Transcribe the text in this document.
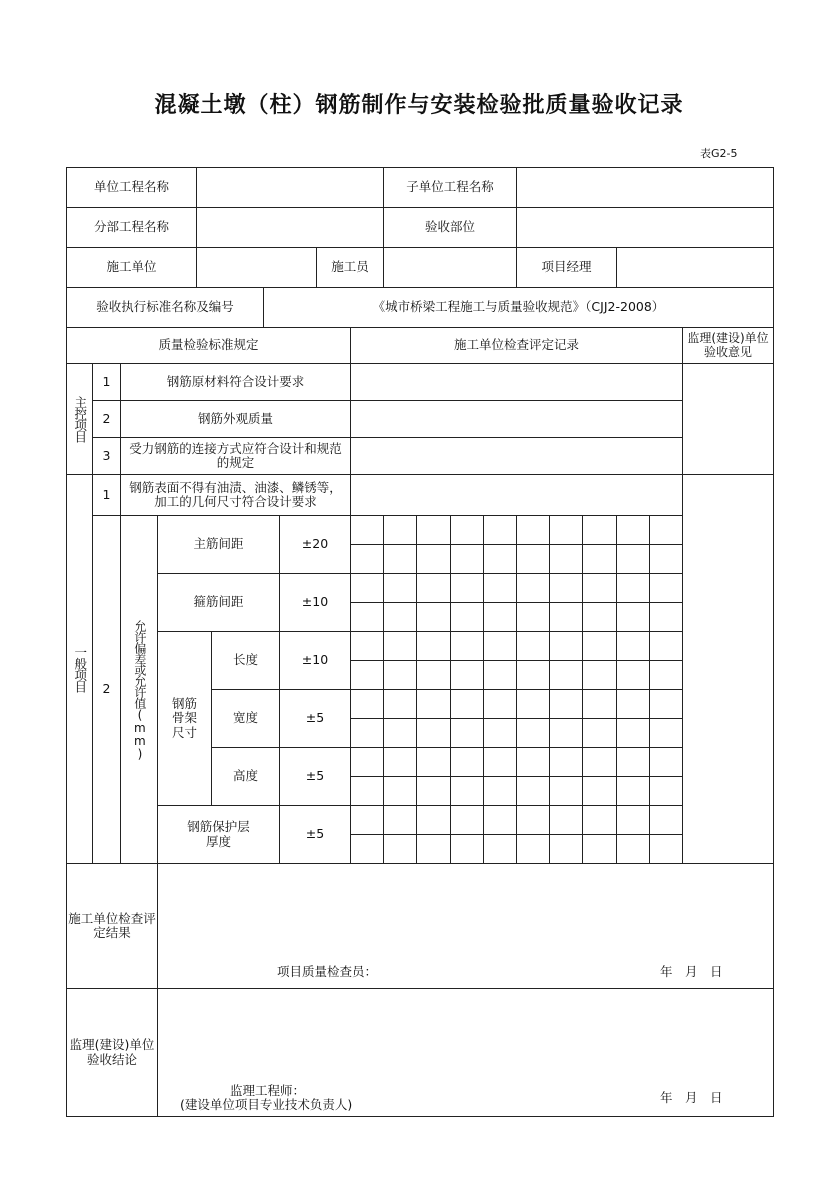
混凝土墩（柱）钢筋制作与安装检验批质量验收记录
表G2-5
单位工程名称	子单位工程名称
分部工程名称	验收部位
施工单位	施工员	项目经理
验收执行标准名称及编号	《城市桥梁工程施工与质量验收规范》（CJJ2-2008）
质量检验标准规定	施工单位检查评定记录	监理(建设)单位验收意见
主控项目
1	钢筋原材料符合设计要求
2	钢筋外观质量
3	受力钢筋的连接方式应符合设计和规范的规定
一般项目
1	钢筋表面不得有油渍、油漆、鳞锈等，加工的几何尺寸符合设计要求
2	允许偏差或允许值(mm)
主筋间距	±20
箍筋间距	±10
钢筋骨架尺寸
长度	±10
宽度	±5
高度	±5
钢筋保护层厚度	±5
施工单位检查评定结果
项目质量检查员：	年　月　日
监理(建设)单位验收结论
监理工程师：
(建设单位项目专业技术负责人)	年　月　日
